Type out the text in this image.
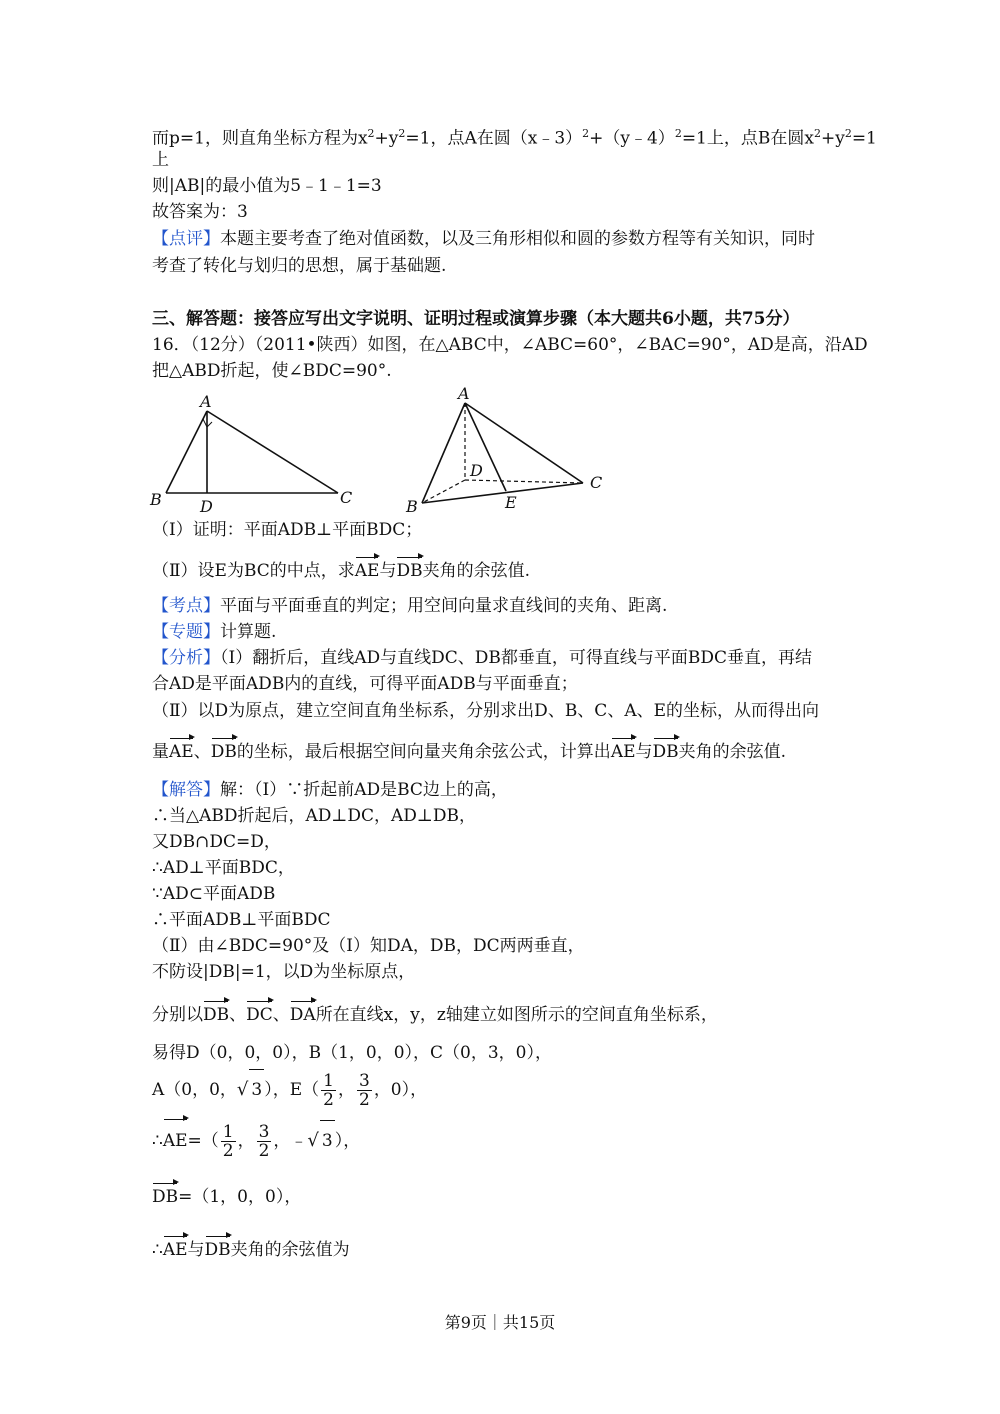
而p=1，则直角坐标方程为$x^2+y^2=1$，点A在圆（x﹣3）$^2$+（y﹣4）$^2$=1上，点B在圆$x^2+y^2=1$
上
则|AB|的最小值为5﹣1﹣1=3
故答案为：3
【点评】本题主要考查了绝对值函数，以及三角形相似和圆的参数方程等有关知识，同时
考查了转化与划归的思想，属于基础题.
三、解答题：接答应写出文字说明、证明过程或演算步骤（本大题共6小题，共75分）
16．（12分）（2011•陕西）如图，在△ABC中，∠ABC=60°，∠BAC=90°，AD是高，沿AD
把△ABD折起，使∠BDC=90°.
A
B D	C
A
D
B	E
C
（Ⅰ）证明：平面ADB⊥平面BDC；
（Ⅱ）设E为BC的中点，求AE与DB夹角的余弦值.
【考点】平面与平面垂直的判定；用空间向量求直线间的夹角、距离.
【专题】计算题.
【分析】（Ⅰ）翻折后，直线AD与直线DC、DB都垂直，可得直线与平面BDC垂直，再结
合AD是平面ADB内的直线，可得平面ADB与平面垂直；
（Ⅱ）以D为原点，建立空间直角坐标系，分别求出D、B、C、A、E的坐标，从而得出向
量AE、DB的坐标，最后根据空间向量夹角余弦公式，计算出AE与DB夹角的余弦值.
【解答】解：（Ⅰ）∵折起前AD是BC边上的高，
∴当△ABD折起后，AD⊥DC，AD⊥DB，
又DB∩DC=D，
∴AD⊥平面BDC，
∵AD⊂平面ADB
∴平面ADB⊥平面BDC
（Ⅱ）由∠BDC=90°及（Ⅰ）知DA，DB，DC两两垂直，
不防设|DB|=1，以D为坐标原点，
分别以DB、DC、DA所在直线x，y，z轴建立如图所示的空间直角坐标系，
易得D（0，0，0），B（1，0，0），C（0，3，0），
A（0，0，√ 3 ），$E( \frac{1}{2}$ ， $\frac{3}{2}$ ，0），
∴AE=（ $\frac{1}{2}$ ， $\frac{3}{2}$ ，﹣√ 3 ），
DB=（1，0，0），
∴AE与DB夹角的余弦值为
第9页｜共15页
